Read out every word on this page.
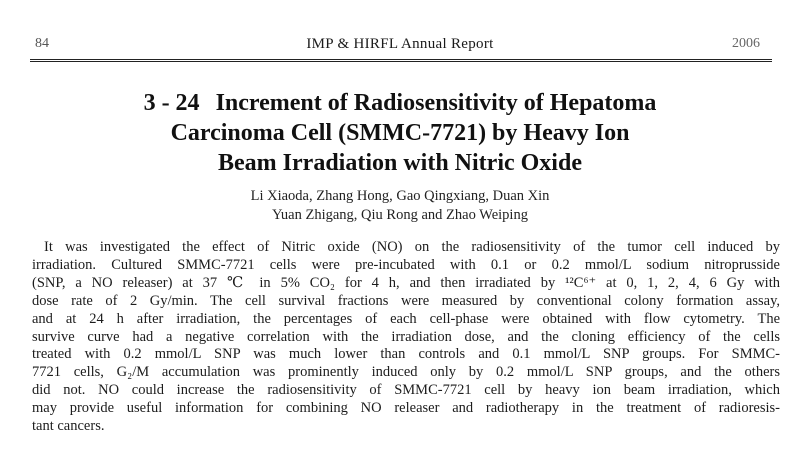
84	IMP & HIRFL Annual Report	2006
3 - 24 Increment of Radiosensitivity of Hepatoma
Carcinoma Cell (SMMC-7721) by Heavy Ion
Beam Irradiation with Nitric Oxide
Li Xiaoda, Zhang Hong, Gao Qingxiang, Duan Xin
Yuan Zhigang, Qiu Rong and Zhao Weiping
It was investigated the effect of Nitric oxide (NO) on the radiosensitivity of the tumor cell induced by
irradiation. Cultured SMMC-7721 cells were pre-incubated with 0.1 or 0.2 mmol/L sodium nitroprusside
(SNP, a NO releaser) at 37 ℃ in 5% CO₂ for 4 h, and then irradiated by ¹²C⁶⁺ at 0, 1, 2, 4, 6 Gy with
dose rate of 2 Gy/min. The cell survival fractions were measured by conventional colony formation assay,
and at 24 h after irradiation, the percentages of each cell-phase were obtained with flow cytometry. The
survive curve had a negative correlation with the irradiation dose, and the cloning efficiency of the cells
treated with 0.2 mmol/L SNP was much lower than controls and 0.1 mmol/L SNP groups. For SMMC-
7721 cells, G₂/M accumulation was prominently induced only by 0.2 mmol/L SNP groups, and the others
did not. NO could increase the radiosensitivity of SMMC-7721 cell by heavy ion beam irradiation, which
may provide useful information for combining NO releaser and radiotherapy in the treatment of radioresis-
tant cancers.
